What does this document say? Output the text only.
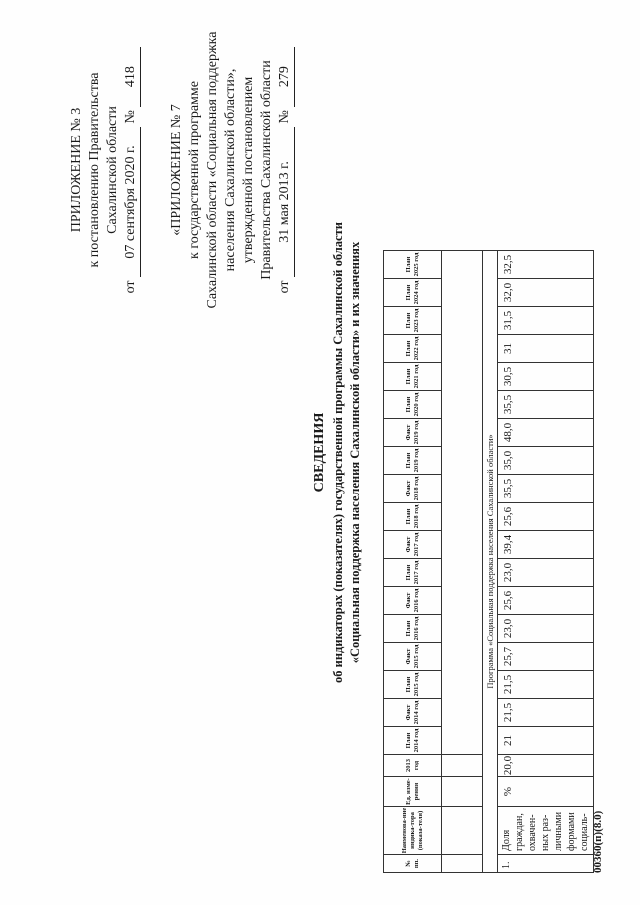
ПРИЛОЖЕНИЕ № 3 к постановлению Правительства Сахалинской области
от 07 сентября 2020 г. № 418
«ПРИЛОЖЕНИЕ № 7 к государственной программе Сахалинской области «Социальная поддержка населения Сахалинской области», утвержденной постановлением Правительства Сахалинской области
от 31 мая 2013 г. № 279
СВЕДЕНИЯ об индикаторах (показателях) государственной программы Сахалинской области «Социальная поддержка населения Сахалинской области» и их значениях
№ пп.	Наименова-ние индика-тора (показа-теля)	Ед. изме-рения	2013 год	План 2014 год	Факт 2014 год	План 2015 год	Факт 2015 год	План 2016 год	Факт 2016 год	План 2017 год	Факт 2017 год	План 2018 год	Факт 2018 год	План 2019 год	Факт 2019 год	План 2020 год	План 2021 год	План 2022 год	План 2023 год	План 2024 год	План 2025 год

Программа «Социальная поддержка населения Сахалинской области»																					
1.	Доля граждан, охвачен-ных раз-личными формами социаль-	%	20,0	21	21,5	21,5	25,7	23,0	25,6	23,0	39,4	25,6	35,5	35,0	48,0	35,5	30,5	31	31,5	32,0	32,5
00360(п)(8.0)
